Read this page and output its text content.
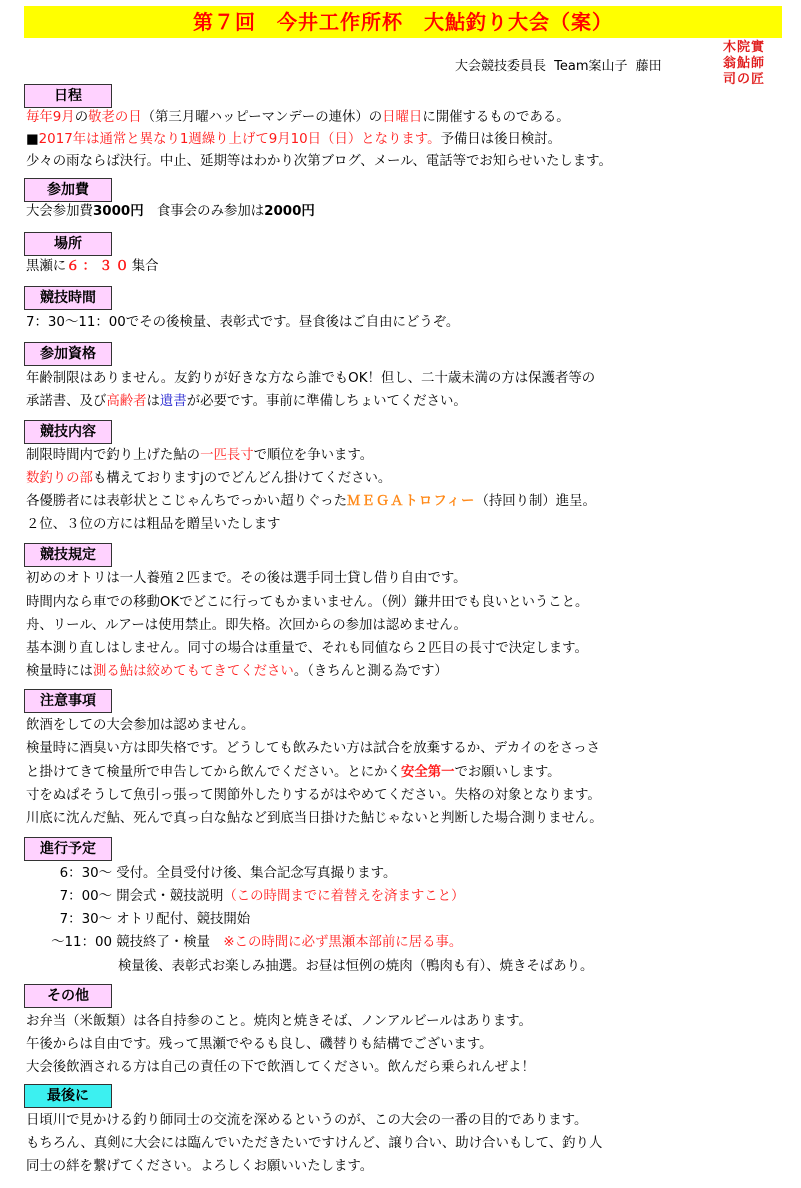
第７回　今井工作所杯　大鮎釣り大会（案）
大会競技委員長 Team案山子 藤田
木院實
翁鮎師
司の匠
日程
毎年9月の敬老の日（第三月曜ハッピーマンデーの連休）の日曜日に開催するものである。
■2017年は通常と異なり1週繰り上げて9月10日（日）となります。予備日は後日検討。
少々の雨ならば決行。中止、延期等はわかり次第ブログ、メール、電話等でお知らせいたします。
参加費
大会参加費3000円　食事会のみ参加は2000円
場所
黒瀬に６：３０集合
競技時間
7：30～11：00でその後検量、表彰式です。昼食後はご自由にどうぞ。
参加資格
年齢制限はありません。友釣りが好きな方なら誰でもOK！但し、二十歳未満の方は保護者等の
承諾書、及び高齢者は遺書が必要です。事前に準備しちょいてください。
競技内容
制限時間内で釣り上げた鮎の一匹長寸で順位を争います。
数釣りの部も構えておりますjのでどんどん掛けてください。
各優勝者には表彰状とこじゃんちでっかい超りぐったＭＥＧＡトロフィー（持回り制）進呈。
２位、３位の方には粗品を贈呈いたします
競技規定
初めのオトリは一人養殖２匹まで。その後は選手同士貸し借り自由です。
時間内なら車での移動OKでどこに行ってもかまいません。（例）鎌井田でも良いということ。
舟、リール、ルアーは使用禁止。即失格。次回からの参加は認めません。
基本測り直しはしません。同寸の場合は重量で、それも同値なら２匹目の長寸で決定します。
検量時には測る鮎は絞めてもてきてください。（きちんと測る為です）
注意事項
飲酒をしての大会参加は認めません。
検量時に酒臭い方は即失格です。どうしても飲みたい方は試合を放棄するか、デカイのをさっさ
と掛けてきて検量所で申告してから飲んでください。とにかく安全第一でお願いします。
寸をぬぱそうして魚引っ張って関節外したりするがはやめてください。失格の対象となります。
川底に沈んだ鮎、死んで真っ白な鮎など到底当日掛けた鮎じゃないと判断した場合測りません。
進行予定
6：30～ 受付。全員受付け後、集合記念写真撮ります。
7：00～ 開会式・競技説明（この時間までに着替えを済ますこと）
7：30～ オトリ配付、競技開始
～11：00 競技終了・検量　※この時間に必ず黒瀬本部前に居る事。
検量後、表彰式お楽しみ抽選。お昼は恒例の焼肉（鴨肉も有）、焼きそばあり。
その他
お弁当（米飯類）は各自持参のこと。焼肉と焼きそば、ノンアルビールはあります。
午後からは自由です。残って黒瀬でやるも良し、磯替りも結構でございます。
大会後飲酒される方は自己の責任の下で飲酒してください。飲んだら乗られんぜよ！
最後に
日頃川で見かける釣り師同士の交流を深めるというのが、この大会の一番の目的であります。
もちろん、真剣に大会には臨んでいただきたいですけんど、譲り合い、助け合いもして、釣り人
同士の絆を繋げてください。よろしくお願いいたします。
